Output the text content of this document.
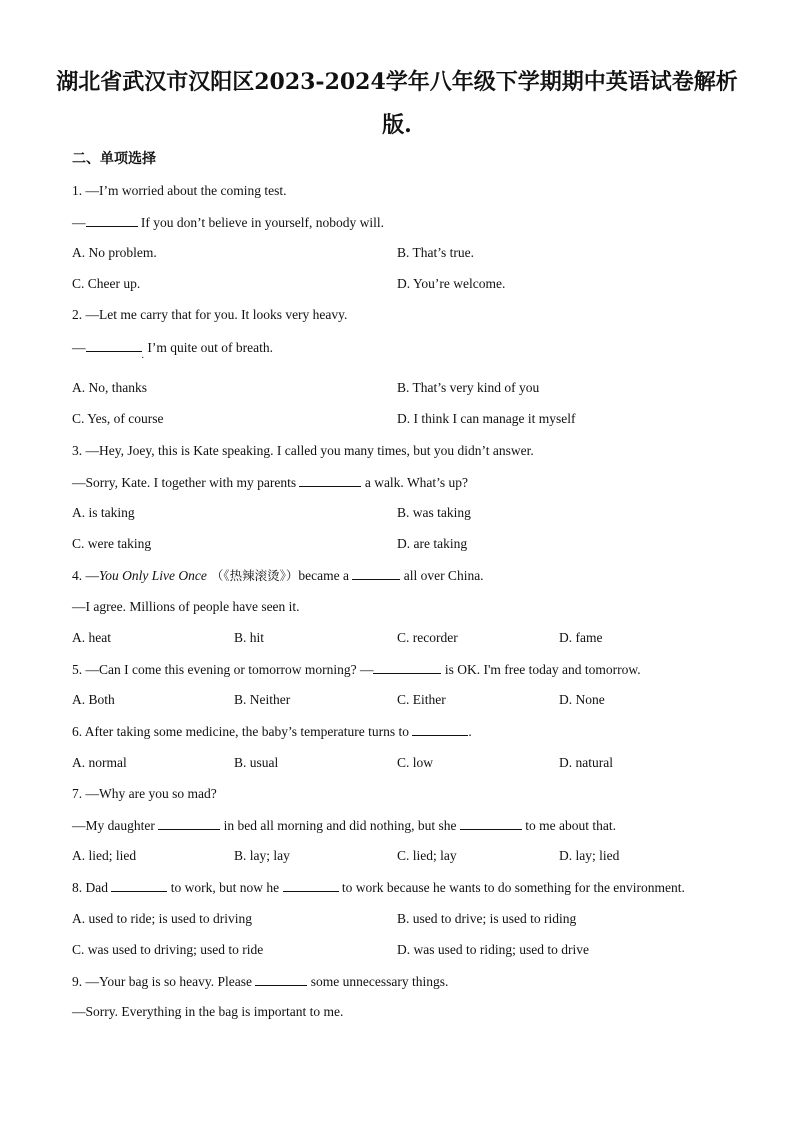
湖北省武汉市汉阳区2023-2024学年八年级下学期期中英语试卷解析
版.
二、单项选择
1. —I’m worried about the coming test.
—	If you don’t believe in yourself, nobody will.
A. No problem.	B. That’s true.
C. Cheer up.	D. You’re welcome.
2. —Let me carry that for you. It looks very heavy.
$—_.$ I’m quite out of breath.
A. No, thanks	B. That’s very kind of you
C. Yes, of course	D. I think I can manage it myself
3. —Hey, Joey, this is Kate speaking. I called you many times, but you didn’t answer.
—Sorry, Kate. I together with my parents	a walk. What’s up?
A. is taking	B. was taking
C. were taking	D. are taking
4. —You Only Live Once （《热辣滚烫》）became a	all over China.
—I agree. Millions of people have seen it.
A. heat	B. hit	C. recorder	D. fame
5. —Can I come this evening or tomorrow morning? —	is OK. I'm free today and tomorrow.
A. Both	B. Neither	C. Either	D. None
6. After taking some medicine, the baby’s temperature turns to	.
A. normal	B. usual	C. low	D. natural
7. —Why are you so mad?
—My daughter	in bed all morning and did nothing, but she	to me about that.
A. lied; lied	B. lay; lay	C. lied; lay	D. lay; lied
8. Dad	to work, but now he	to work because he wants to do something for the environment.
A. used to ride; is used to driving	B. used to drive; is used to riding
C. was used to driving; used to ride	D. was used to riding; used to drive
9. —Your bag is so heavy. Please	some unnecessary things.
—Sorry. Everything in the bag is important to me.
